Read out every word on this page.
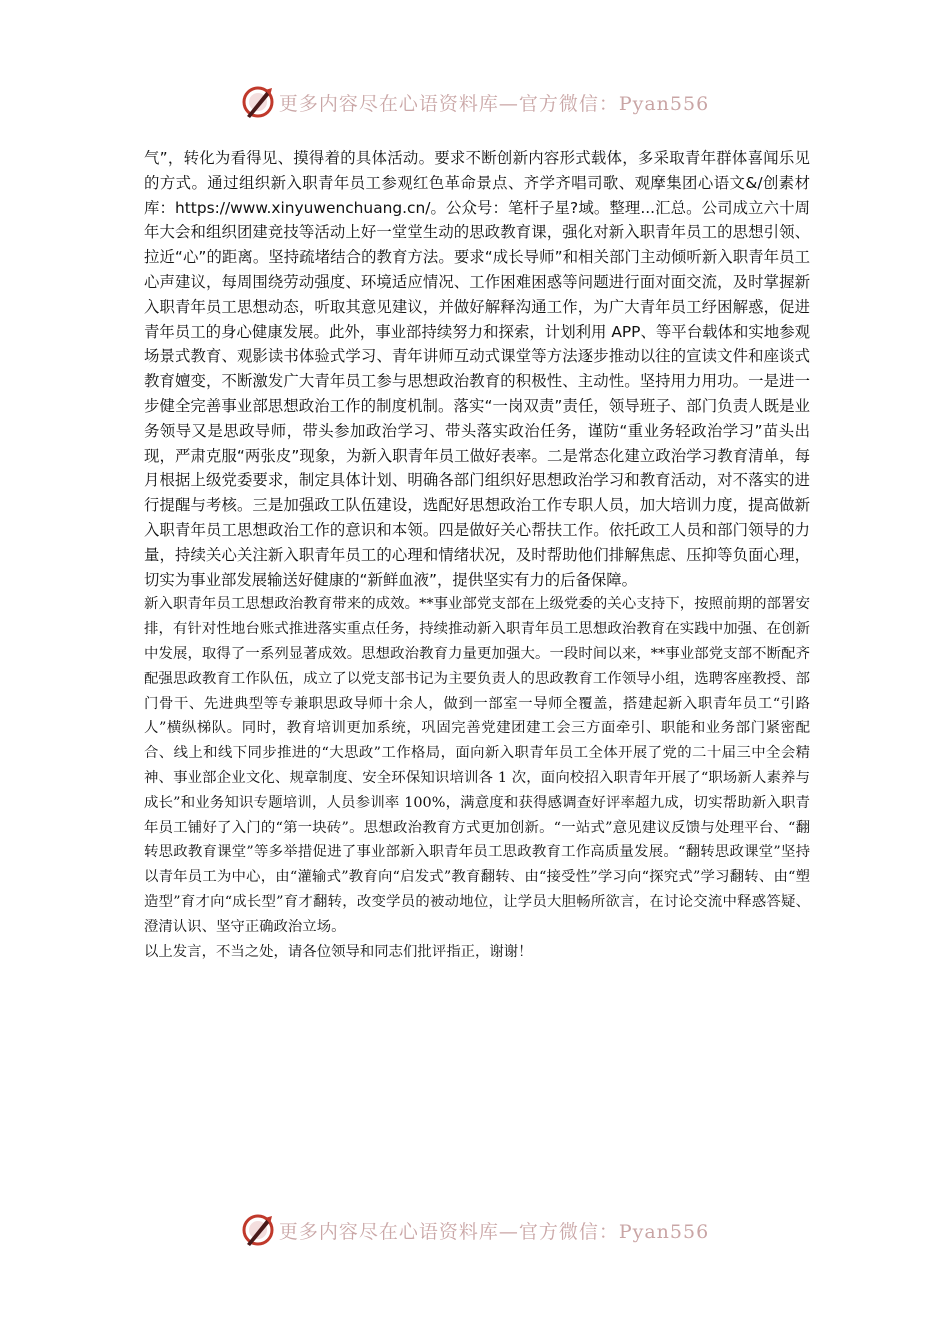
更多内容尽在心语资料库—官方微信：Pyan556

气”，转化为看得见、摸得着的具体活动。要求不断创新内容形式载体，多采取青年群体喜闻乐见的方式。通过组织新入职青年员工参观红色革命景点、齐学齐唱司歌、观摩集团心语文&/创素材库：https://www.xinyuwenchuang.cn/。公众号：笔杆子星?域。整理...汇总。公司成立六十周年大会和组织团建竞技等活动上好一堂堂生动的思政教育课，强化对新入职青年员工的思想引领、拉近“心”的距离。坚持疏堵结合的教育方法。要求“成长导师”和相关部门主动倾听新入职青年员工心声建议，每周围绕劳动强度、环境适应情况、工作困难困惑等问题进行面对面交流，及时掌握新入职青年员工思想动态，听取其意见建议，并做好解释沟通工作，为广大青年员工纾困解惑，促进青年员工的身心健康发展。此外，事业部持续努力和探索，计划利用 APP、等平台载体和实地参观场景式教育、观影读书体验式学习、青年讲师互动式课堂等方法逐步推动以往的宣读文件和座谈式教育嬗变，不断激发广大青年员工参与思想政治教育的积极性、主动性。坚持用力用功。一是进一步健全完善事业部思想政治工作的制度机制。落实“一岗双责”责任，领导班子、部门负责人既是业务领导又是思政导师，带头参加政治学习、带头落实政治任务，谨防“重业务轻政治学习”苗头出现，严肃克服“两张皮”现象，为新入职青年员工做好表率。二是常态化建立政治学习教育清单，每月根据上级党委要求，制定具体计划、明确各部门组织好思想政治学习和教育活动，对不落实的进行提醒与考核。三是加强政工队伍建设，选配好思想政治工作专职人员，加大培训力度，提高做新入职青年员工思想政治工作的意识和本领。四是做好关心帮扶工作。依托政工人员和部门领导的力量，持续关心关注新入职青年员工的心理和情绪状况，及时帮助他们排解焦虑、压抑等负面心理，切实为事业部发展输送好健康的“新鲜血液”，提供坚实有力的后备保障。

新入职青年员工思想政治教育带来的成效。**事业部党支部在上级党委的关心支持下，按照前期的部署安排，有针对性地台账式推进落实重点任务，持续推动新入职青年员工思想政治教育在实践中加强、在创新中发展，取得了一系列显著成效。思想政治教育力量更加强大。一段时间以来，**事业部党支部不断配齐配强思政教育工作队伍，成立了以党支部书记为主要负责人的思政教育工作领导小组，选聘客座教授、部门骨干、先进典型等专兼职思政导师十余人，做到一部室一导师全覆盖，搭建起新入职青年员工“引路人”横纵梯队。同时，教育培训更加系统，巩固完善党建团建工会三方面牵引、职能和业务部门紧密配合、线上和线下同步推进的“大思政”工作格局，面向新入职青年员工全体开展了党的二十届三中全会精神、事业部企业文化、规章制度、安全环保知识培训各 1 次，面向校招入职青年开展了“职场新人素养与成长”和业务知识专题培训，人员参训率 100%，满意度和获得感调查好评率超九成，切实帮助新入职青年员工铺好了入门的“第一块砖”。思想政治教育方式更加创新。“一站式”意见建议反馈与处理平台、“翻转思政教育课堂”等多举措促进了事业部新入职青年员工思政教育工作高质量发展。“翻转思政课堂”坚持以青年员工为中心，由“灌输式”教育向“启发式”教育翻转、由“接受性”学习向“探究式”学习翻转、由“塑造型”育才向“成长型”育才翻转，改变学员的被动地位，让学员大胆畅所欲言，在讨论交流中释惑答疑、澄清认识、坚守正确政治立场。

以上发言，不当之处，请各位领导和同志们批评指正，谢谢！

更多内容尽在心语资料库—官方微信：Pyan556
